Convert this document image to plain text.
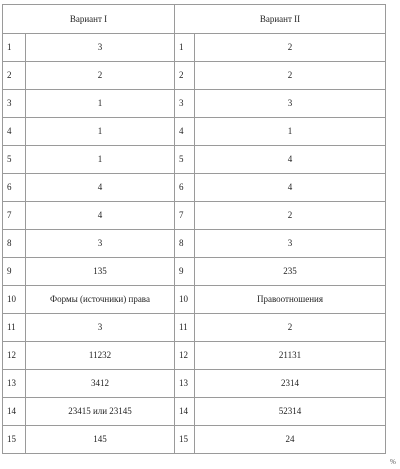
Вариант I		Вариант II	
1	3	1	2
2	2	2	2
3	1	3	3
4	1	4	1
5	1	5	4
6	4	6	4
7	4	7	2
8	3	8	3
9	135	9	235
10	Формы (источники) права	10	Правоотношения
11	3	11	2
12	11232	12	21131
13	3412	13	2314
14	23415 или 23145	14	52314
15	145	15	24
%
